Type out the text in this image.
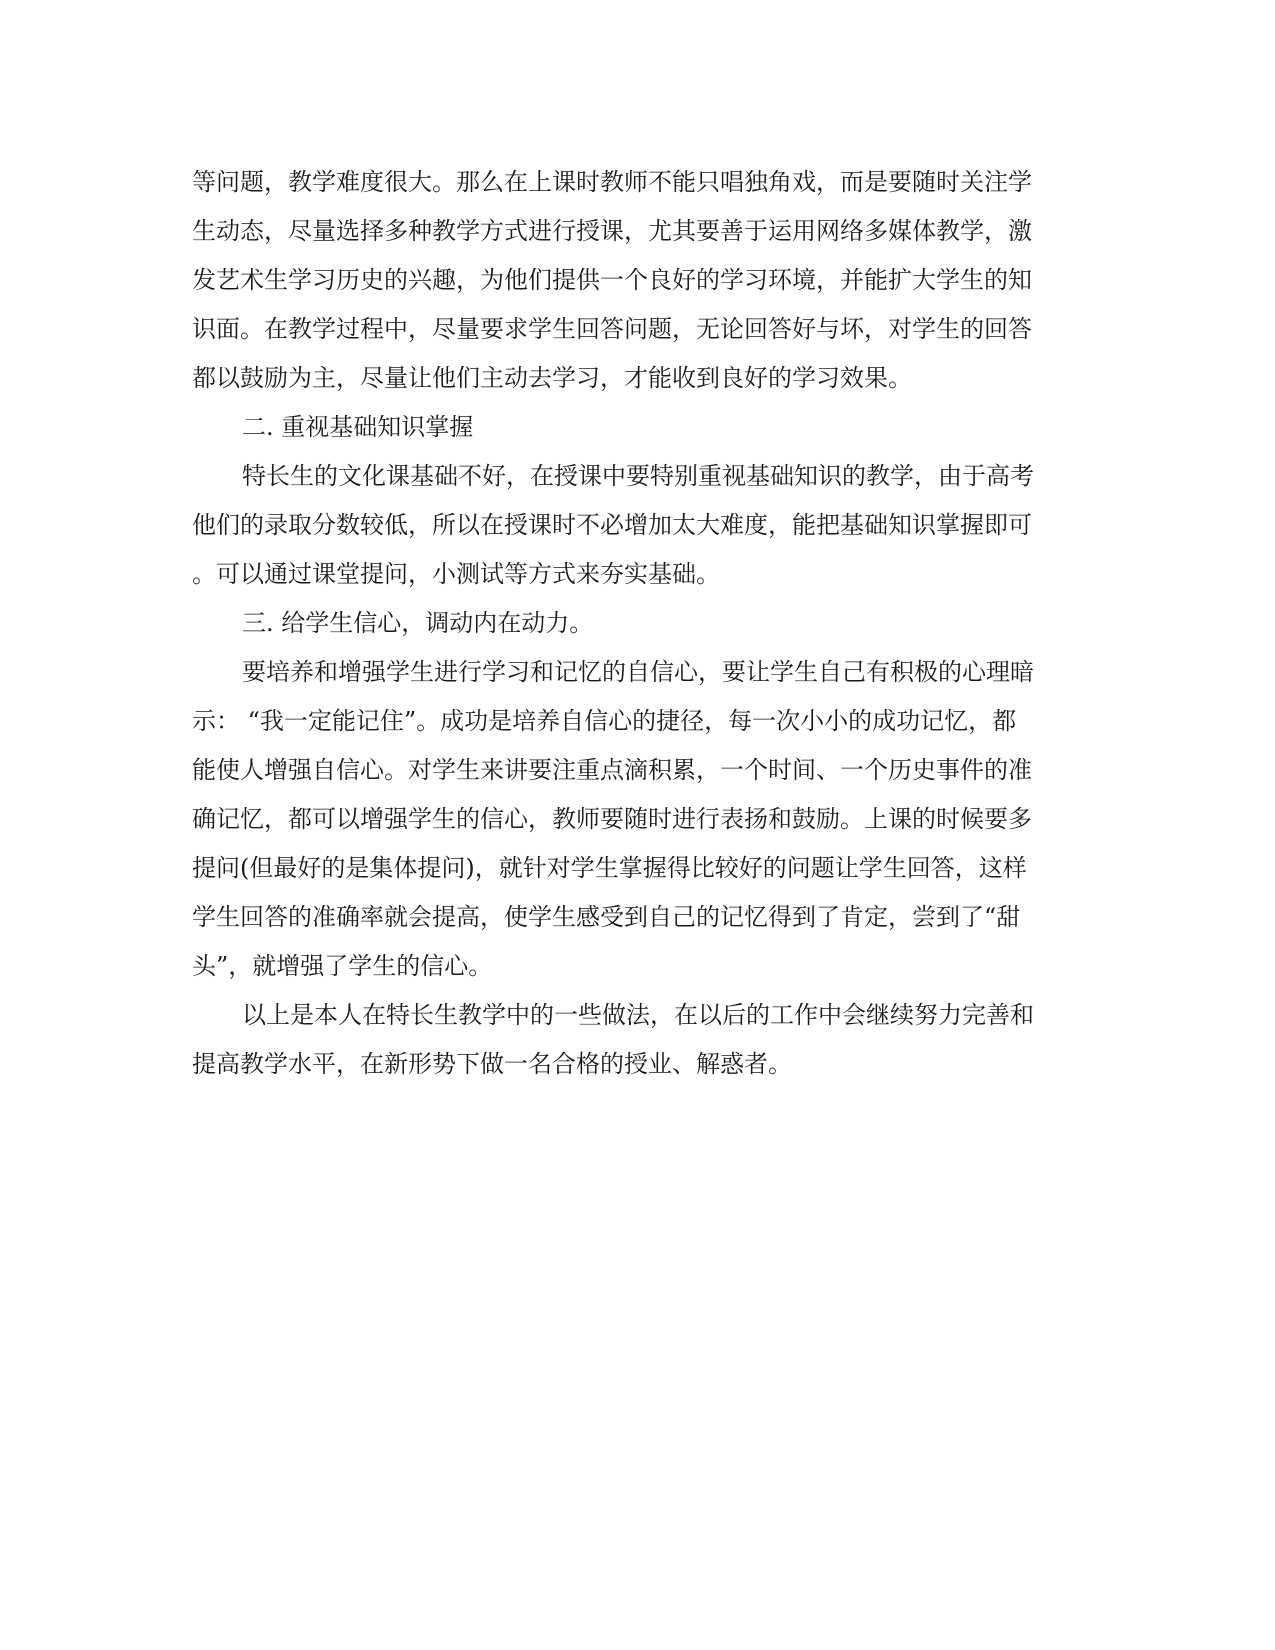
等问题，教学难度很大。那么在上课时教师不能只唱独角戏，而是要随时关注学
生动态，尽量选择多种教学方式进行授课，尤其要善于运用网络多媒体教学，激
发艺术生学习历史的兴趣，为他们提供一个良好的学习环境，并能扩大学生的知
识面。在教学过程中，尽量要求学生回答问题，无论回答好与坏，对学生的回答
都以鼓励为主，尽量让他们主动去学习，才能收到良好的学习效果。
二. 重视基础知识掌握
特长生的文化课基础不好，在授课中要特别重视基础知识的教学，由于高考
他们的录取分数较低，所以在授课时不必增加太大难度，能把基础知识掌握即可
。可以通过课堂提问，小测试等方式来夯实基础。
三. 给学生信心，调动内在动力。
要培养和增强学生进行学习和记忆的自信心，要让学生自己有积极的心理暗
示： “我一定能记住”。成功是培养自信心的捷径，每一次小小的成功记忆，都
能使人增强自信心。对学生来讲要注重点滴积累，一个时间、一个历史事件的准
确记忆，都可以增强学生的信心，教师要随时进行表扬和鼓励。上课的时候要多
提问(但最好的是集体提问)，就针对学生掌握得比较好的问题让学生回答，这样
学生回答的准确率就会提高，使学生感受到自己的记忆得到了肯定，尝到了“甜
头”，就增强了学生的信心。
以上是本人在特长生教学中的一些做法，在以后的工作中会继续努力完善和
提高教学水平，在新形势下做一名合格的授业、解惑者。
